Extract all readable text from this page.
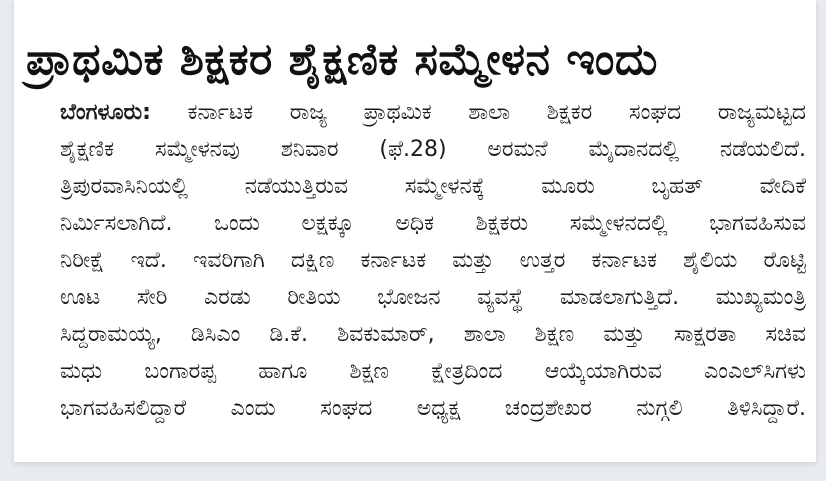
ಪ್ರಾಥಮಿಕ ಶಿಕ್ಷಕರ ಶೈಕ್ಷಣಿಕ ಸಮ್ಮೇಳನ ಇಂದು
ಬೆಂಗಳೂರು: ಕರ್ನಾಟಕ ರಾಜ್ಯ ಪ್ರಾಥಮಿಕ ಶಾಲಾ ಶಿಕ್ಷಕರ ಸಂಘದ ರಾಜ್ಯಮಟ್ಟದ
ಶೈಕ್ಷಣಿಕ ಸಮ್ಮೇಳನವು ಶನಿವಾರ (ಫೆ.28) ಅರಮನೆ ಮೈದಾನದಲ್ಲಿ ನಡೆಯಲಿದೆ.
ತ್ರಿಪುರವಾಸಿನಿಯಲ್ಲಿ ನಡೆಯುತ್ತಿರುವ ಸಮ್ಮೇಳನಕ್ಕೆ ಮೂರು ಬೃಹತ್ ವೇದಿಕೆ
ನಿರ್ಮಿಸಲಾಗಿದೆ. ಒಂದು ಲಕ್ಷಕ್ಕೂ ಅಧಿಕ ಶಿಕ್ಷಕರು ಸಮ್ಮೇಳನದಲ್ಲಿ ಭಾಗವಹಿಸುವ
ನಿರೀಕ್ಷೆ ಇದೆ. ಇವರಿಗಾಗಿ ದಕ್ಷಿಣ ಕರ್ನಾಟಕ ಮತ್ತು ಉತ್ತರ ಕರ್ನಾಟಕ ಶೈಲಿಯ ರೊಟ್ಟಿ
ಊಟ ಸೇರಿ ಎರಡು ರೀತಿಯ ಭೋಜನ ವ್ಯವಸ್ಥೆ ಮಾಡಲಾಗುತ್ತಿದೆ. ಮುಖ್ಯಮಂತ್ರಿ
ಸಿದ್ದರಾಮಯ್ಯ, ಡಿಸಿಎಂ ಡಿ.ಕೆ. ಶಿವಕುಮಾರ್, ಶಾಲಾ ಶಿಕ್ಷಣ ಮತ್ತು ಸಾಕ್ಷರತಾ ಸಚಿವ
ಮಧು ಬಂಗಾರಪ್ಪ ಹಾಗೂ ಶಿಕ್ಷಣ ಕ್ಷೇತ್ರದಿಂದ ಆಯ್ಕೆಯಾಗಿರುವ ಎಂಎಲ್‌ಸಿಗಳು
ಭಾಗವಹಿಸಲಿದ್ದಾರೆ ಎಂದು ಸಂಘದ ಅಧ್ಯಕ್ಷ ಚಂದ್ರಶೇಖರ ನುಗ್ಗಲಿ ತಿಳಿಸಿದ್ದಾರೆ.
